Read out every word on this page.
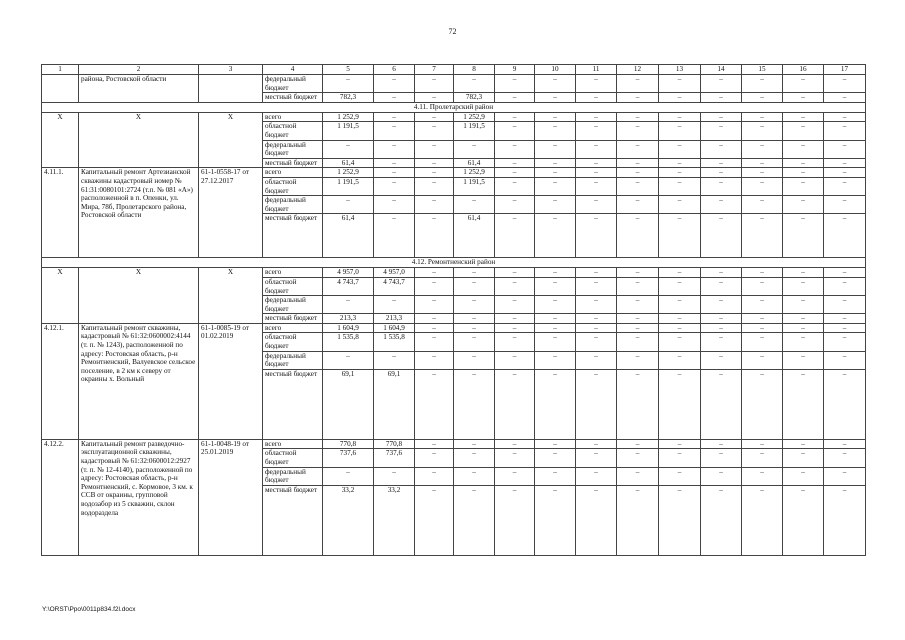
72
1	2	3	4	5	6	7	8	9	10	11	12	13	14	15	16	17
	района, Ростовской области		федеральный бюджет	–	–	–	–	–	–	–	–	–	–	–	–	–
			местный бюджет	782,3	–	–	782,3	–	–	–	–	–	–	–	–	–
4.11. Пролетарский район																
Х	Х	Х	всего	1 252,9	–	–	1 252,9	–	–	–	–	–	–	–	–	–
			областной бюджет	1 191,5	–	–	1 191,5	–	–	–	–	–	–	–	–	–
			федеральный бюджет	–	–	–	–	–	–	–	–	–	–	–	–	–
			местный бюджет	61,4	–	–	61,4	–	–	–	–	–	–	–	–	–
4.11.1.	Капитальный ремонт Артезианской скважины кадастровый номер № 61:31:0080101:2724 (т.п. № 081 «А») расположенной в п. Опенки, ул. Мира, 78б, Пролетарского района, Ростовской области	61-1-0558-17 от 27.12.2017	всего	1 252,9	–	–	1 252,9	–	–	–	–	–	–	–	–	–
			областной бюджет	1 191,5	–	–	1 191,5	–	–	–	–	–	–	–	–	–
			федеральный бюджет	–	–	–	–	–	–	–	–	–	–	–	–	–
			местный бюджет	61,4	–	–	61,4	–	–	–	–	–	–	–	–	–
4.12. Ремонтненский район																
Х	Х	Х	всего	4 957,0	4 957,0	–	–	–	–	–	–	–	–	–	–	–
			областной бюджет	4 743,7	4 743,7	–	–	–	–	–	–	–	–	–	–	–
			федеральный бюджет	–	–	–	–	–	–	–	–	–	–	–	–	–
			местный бюджет	213,3	213,3	–	–	–	–	–	–	–	–	–	–	–
4.12.1.	Капитальный ремонт скважины, кадастровый № 61:32:0600002:4144 (т. п. № 1243), расположенной по адресу: Ростовская область, р-н Ремонтненский, Валуевское сельское поселение, в 2 км к северу от окраины х. Вольный	61-1-0085-19 от 01.02.2019	всего	1 604,9	1 604,9	–	–	–	–	–	–	–	–	–	–	–
			областной бюджет	1 535,8	1 535,8	–	–	–	–	–	–	–	–	–	–	–
			федеральный бюджет	–	–	–	–	–	–	–	–	–	–	–	–	–
			местный бюджет	69,1	69,1	–	–	–	–	–	–	–	–	–	–	–
4.12.2.	Капитальный ремонт разведочно-эксплуатационной скважины, кадастровый № 61:32:0600012:2927 (т. п. № 12-4140), расположенной по адресу: Ростовская область, р-н Ремонтненский, с. Кормовое, 3 км. к ССВ от окраины, групповой водозабор из 5 скважин, склон водораздела	61-1-0048-19 от 25.01.2019	всего	770,8	770,8	–	–	–	–	–	–	–	–	–	–	–
			областной бюджет	737,6	737,6	–	–	–	–	–	–	–	–	–	–	–
			федеральный бюджет	–	–	–	–	–	–	–	–	–	–	–	–	–
			местный бюджет	33,2	33,2	–	–	–	–	–	–	–	–	–	–	–
Y:\ORST\Ppo\0011p834.f2l.docx
